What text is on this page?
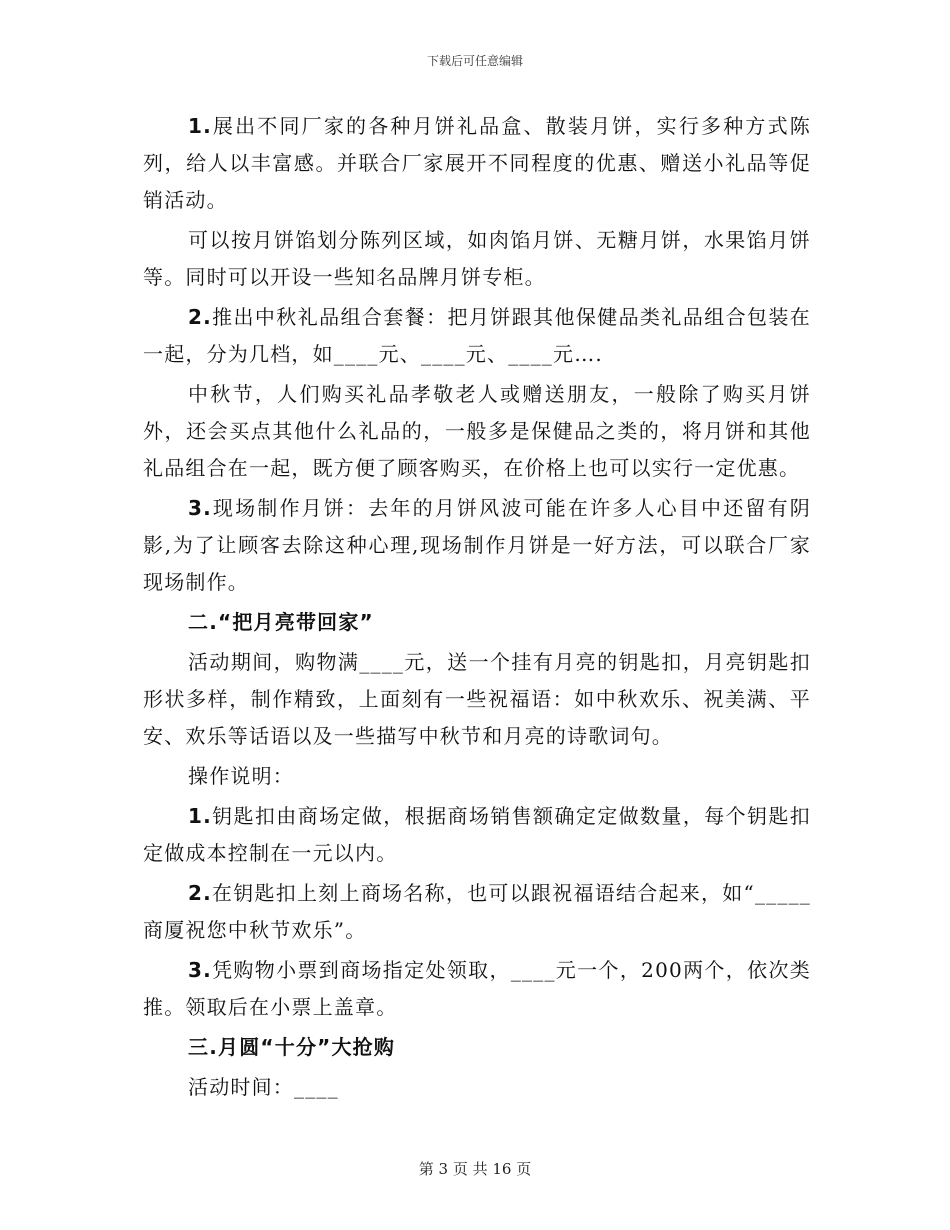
下载后可任意编辑

1.展出不同厂家的各种月饼礼品盒、散装月饼，实行多种方式陈列，给人以丰富感。并联合厂家展开不同程度的优惠、赠送小礼品等促销活动。

可以按月饼馅划分陈列区域，如肉馅月饼、无糖月饼，水果馅月饼等。同时可以开设一些知名品牌月饼专柜。

2.推出中秋礼品组合套餐：把月饼跟其他保健品类礼品组合包装在一起，分为几档，如____元、____元、____元….

中秋节，人们购买礼品孝敬老人或赠送朋友，一般除了购买月饼外，还会买点其他什么礼品的，一般多是保健品之类的，将月饼和其他礼品组合在一起，既方便了顾客购买，在价格上也可以实行一定优惠。

3.现场制作月饼：去年的月饼风波可能在许多人心目中还留有阴影,为了让顾客去除这种心理,现场制作月饼是一好方法，可以联合厂家现场制作。

二.“把月亮带回家”

活动期间，购物满____元，送一个挂有月亮的钥匙扣，月亮钥匙扣形状多样，制作精致，上面刻有一些祝福语：如中秋欢乐、祝美满、平安、欢乐等话语以及一些描写中秋节和月亮的诗歌词句。

操作说明：

1.钥匙扣由商场定做，根据商场销售额确定定做数量，每个钥匙扣定做成本控制在一元以内。

2.在钥匙扣上刻上商场名称，也可以跟祝福语结合起来，如“_____商厦祝您中秋节欢乐”。

3.凭购物小票到商场指定处领取，____元一个，200两个，依次类推。领取后在小票上盖章。

三.月圆“十分”大抢购

活动时间：____

第 3 页 共 16 页
